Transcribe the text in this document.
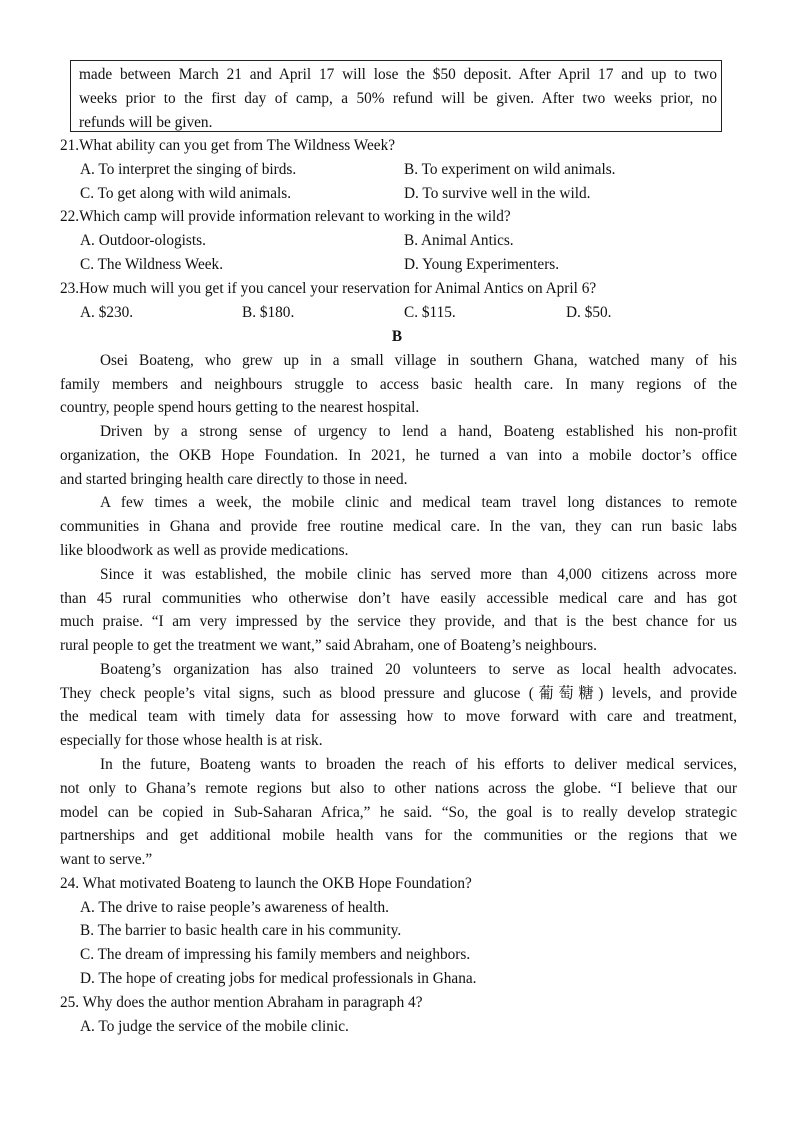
made between March 21 and April 17 will lose the $50 deposit. After April 17 and up to two

weeks prior to the first day of camp, a 50% refund will be given. After two weeks prior, no

refunds will be given.

21.What ability can you get from The Wildness Week?
A. To interpret the singing of birds.	B. To experiment on wild animals.
C. To get along with wild animals.	D. To survive well in the wild.
22.Which camp will provide information relevant to working in the wild?
A. Outdoor-ologists.	B. Animal Antics.
C. The Wildness Week.	D. Young Experimenters.
23.How much will you get if you cancel your reservation for Animal Antics on April 6?
A. $230.	B. $180.	C. $115.	D. $50.
B
Osei Boateng, who grew up in a small village in southern Ghana, watched many of his
family members and neighbours struggle to access basic health care. In many regions of the
country, people spend hours getting to the nearest hospital.
Driven by a strong sense of urgency to lend a hand, Boateng established his non-profit
organization, the OKB Hope Foundation. In 2021, he turned a van into a mobile doctor’s office
and started bringing health care directly to those in need.
A few times a week, the mobile clinic and medical team travel long distances to remote
communities in Ghana and provide free routine medical care. In the van, they can run basic labs
like bloodwork as well as provide medications.
Since it was established, the mobile clinic has served more than 4,000 citizens across more
than 45 rural communities who otherwise don’t have easily accessible medical care and has got
much praise. “I am very impressed by the service they provide, and that is the best chance for us
rural people to get the treatment we want,” said Abraham, one of Boateng’s neighbours.
Boateng’s organization has also trained 20 volunteers to serve as local health advocates.
They check people’s vital signs, such as blood pressure and glucose (葡萄糖) levels, and provide
the medical team with timely data for assessing how to move forward with care and treatment,
especially for those whose health is at risk.
In the future, Boateng wants to broaden the reach of his efforts to deliver medical services,
not only to Ghana’s remote regions but also to other nations across the globe. “I believe that our
model can be copied in Sub-Saharan Africa,” he said. “So, the goal is to really develop strategic
partnerships and get additional mobile health vans for the communities or the regions that we
want to serve.”
24. What motivated Boateng to launch the OKB Hope Foundation?
A. The drive to raise people’s awareness of health.
B. The barrier to basic health care in his community.
C. The dream of impressing his family members and neighbors.
D. The hope of creating jobs for medical professionals in Ghana.
25. Why does the author mention Abraham in paragraph 4?
A. To judge the service of the mobile clinic.
